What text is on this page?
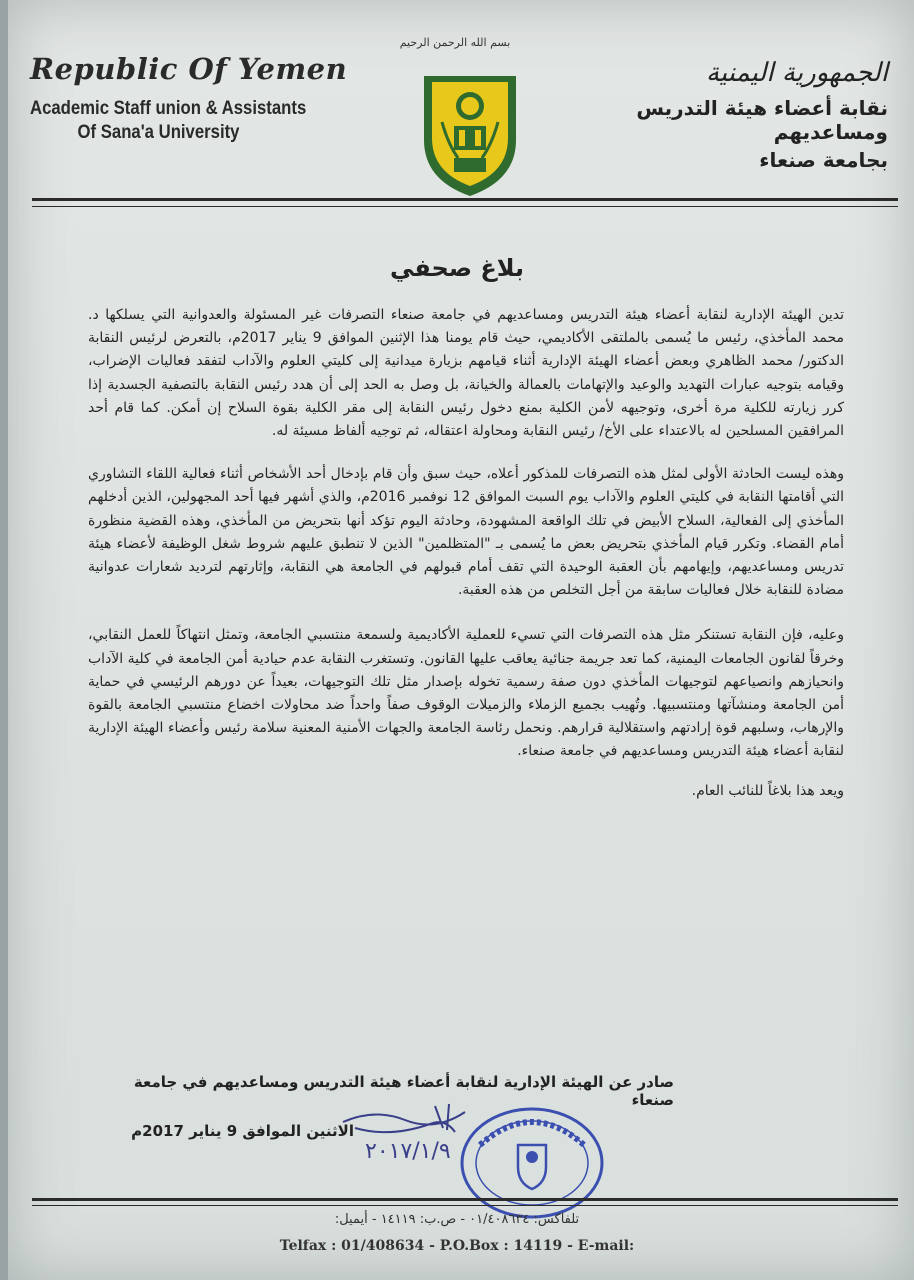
Republic Of Yemen
Academic Staff union & Assistants
Of Sana'a University
بسم الله الرحمن الرحيم
الجمهورية اليمنية
نقابة أعضاء هيئة التدريس ومساعديهم
بجامعة صنعاء
بلاغ صحفي

تدين الهيئة الإدارية لنقابة أعضاء هيئة التدريس ومساعديهم في جامعة صنعاء التصرفات غير المسئولة والعدوانية التي يسلكها د. محمد المأخذي، رئيس ما يُسمى بالملتقى الأكاديمي، حيث قام يومنا هذا الإثنين الموافق 9 يناير 2017م، بالتعرض لرئيس النقابة الدكتور/ محمد الظاهري وبعض أعضاء الهيئة الإدارية أثناء قيامهم بزيارة ميدانية إلى كليتي العلوم والآداب لتفقد فعاليات الإضراب، وقيامه بتوجيه عبارات التهديد والوعيد والإتهامات بالعمالة والخيانة، بل وصل به الحد إلى أن هدد رئيس النقابة بالتصفية الجسدية إذا كرر زيارته للكلية مرة أخرى، وتوجيهه لأمن الكلية بمنع دخول رئيس النقابة إلى مقر الكلية بقوة السلاح إن أمكن. كما قام أحد المرافقين المسلحين له بالاعتداء على الأخ/ رئيس النقابة ومحاولة اعتقاله، ثم توجيه ألفاظ مسيئة له.

وهذه ليست الحادثة الأولى لمثل هذه التصرفات للمذكور أعلاه، حيث سبق وأن قام بإدخال أحد الأشخاص أثناء فعالية اللقاء التشاوري التي أقامتها النقابة في كليتي العلوم والآداب يوم السبت الموافق 12 نوفمبر 2016م، والذي أشهر فيها أحد المجهولين، الذين أدخلهم المأخذي إلى الفعالية، السلاح الأبيض في تلك الواقعة المشهودة، وحادثة اليوم تؤكد أنها بتحريض من المأخذي، وهذه القضية منظورة أمام القضاء. وتكرر قيام المأخذي بتحريض بعض ما يُسمى بـ "المتظلمين" الذين لا تنطبق عليهم شروط شغل الوظيفة لأعضاء هيئة تدريس ومساعديهم، وإيهامهم بأن العقبة الوحيدة التي تقف أمام قبولهم في الجامعة هي النقابة، وإثارتهم لترديد شعارات عدوانية مضادة للنقابة خلال فعاليات سابقة من أجل التخلص من هذه العقبة.

وعليه، فإن النقابة تستنكر مثل هذه التصرفات التي تسيء للعملية الأكاديمية ولسمعة منتسبي الجامعة، وتمثل انتهاكاً للعمل النقابي، وخرقاً لقانون الجامعات اليمنية، كما تعد جريمة جنائية يعاقب عليها القانون. وتستغرب النقابة عدم حيادية أمن الجامعة في كلية الآداب وانحيازهم وانصياعهم لتوجيهات المأخذي دون صفة رسمية تخوله بإصدار مثل تلك التوجيهات، بعيداً عن دورهم الرئيسي في حماية أمن الجامعة ومنشآتها ومنتسبيها. وتُهيب بجميع الزملاء والزميلات الوقوف صفاً واحداً ضد محاولات اخضاع منتسبي الجامعة بالقوة والإرهاب، وسلبهم قوة إرادتهم واستقلالية قرارهم. ونحمل رئاسة الجامعة والجهات الأمنية المعنية سلامة رئيس وأعضاء الهيئة الإدارية لنقابة أعضاء هيئة التدريس ومساعديهم في جامعة صنعاء.

ويعد هذا بلاغاً للنائب العام.

صادر عن الهيئة الإدارية لنقابة أعضاء هيئة التدريس ومساعديهم في جامعة صنعاء
الاثنين الموافق 9 يناير 2017م
٢٠١٧/١/٩
تلفاكس: ٠١/٤٠٨٦٣٤ - ص.ب: ١٤١١٩ - أيميل:
Telfax : 01/408634 - P.O.Box : 14119 - E-mail:
